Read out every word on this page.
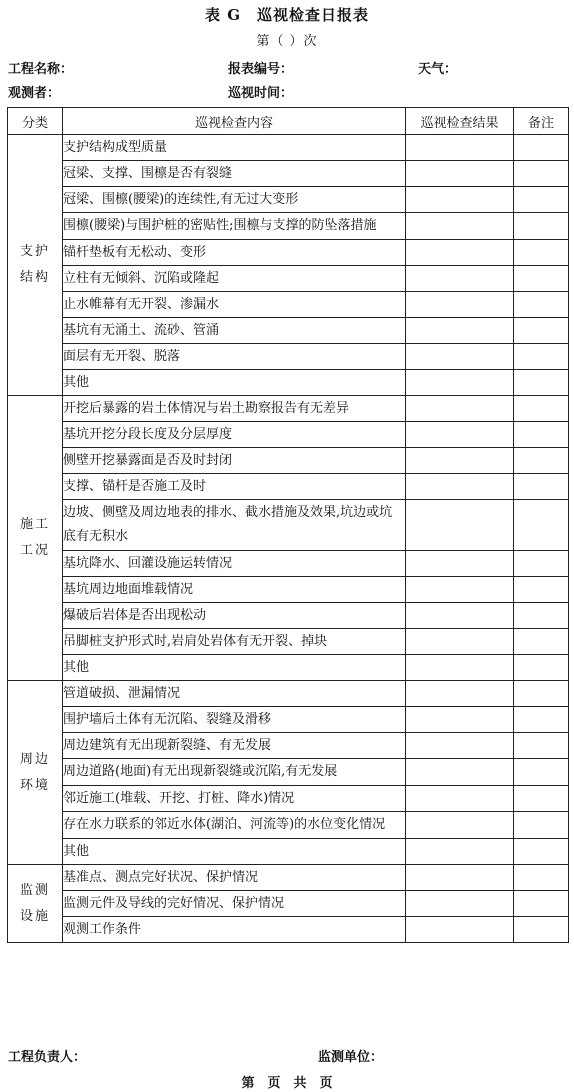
表 G　巡视检查日报表
第（ ）次
工程名称：	报表编号：	天气：
观测者：	巡视时间：
分类	巡视检查内容	巡视检查结果	备注

支护
结构	支护结构成型质量		
	冠梁、支撑、围檩是否有裂缝		
	冠梁、围檩(腰梁)的连续性,有无过大变形		
	围檩(腰梁)与围护桩的密贴性;围檩与支撑的防坠落措施		
	锚杆垫板有无松动、变形		
	立柱有无倾斜、沉陷或隆起		
	止水帷幕有无开裂、渗漏水		
	基坑有无涌土、流砂、管涌		
	面层有无开裂、脱落		
	其他		

施工
工况	开挖后暴露的岩土体情况与岩土勘察报告有无差异		
	基坑开挖分段长度及分层厚度		
	侧壁开挖暴露面是否及时封闭		
	支撑、锚杆是否施工及时		
	边坡、侧壁及周边地表的排水、截水措施及效果,坑边或坑底有无积水		
	基坑降水、回灌设施运转情况		
	基坑周边地面堆载情况		
	爆破后岩体是否出现松动		
	吊脚桩支护形式时,岩肩处岩体有无开裂、掉块		
	其他		

周边
环境	管道破损、泄漏情况		
	围护墙后土体有无沉陷、裂缝及滑移		
	周边建筑有无出现新裂缝、有无发展		
	周边道路(地面)有无出现新裂缝或沉陷,有无发展		
	邻近施工(堆载、开挖、打桩、降水)情况		
	存在水力联系的邻近水体(湖泊、河流等)的水位变化情况		
	其他		

监测
设施	基准点、测点完好状况、保护情况		
	监测元件及导线的完好情况、保护情况		
	观测工作条件		
工程负责人：	监测单位：
第　页　共　页
